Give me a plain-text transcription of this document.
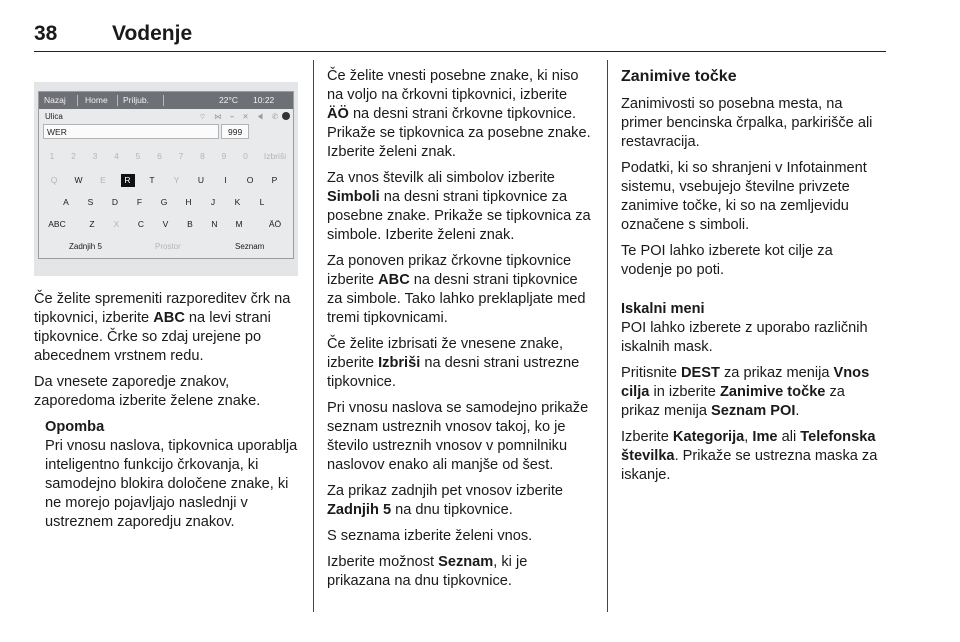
38	Vodenje
Nazaj Home Priljub.	22°C 10:22
Ulica	⌔ ⋈ ⌁ ✕ ◀ ✆
WER	999
1	2	3	4	5	6	7	8	9	0	Izbriši
Q	W	E	R	T	Y	U	I	O	P
A	S	D	F	G	H	J	K	L
ABC	Z	X	C	V	B	N	M	ÄÖ
Zadnjih 5	Prostor	Seznam

Če želite spremeniti razporeditev črk na tipkovnici, izberite ABC na levi strani tipkovnice. Črke so zdaj urejene po abecednem vrstnem redu.

Da vnesete zaporedje znakov, zaporedoma izberite želene znake.

Opomba
Pri vnosu naslova, tipkovnica uporablja inteligentno funkcijo črkovanja, ki samodejno blokira določene znake, ki ne morejo pojavljajo naslednji v ustreznem zaporedju znakov.

Če želite vnesti posebne znake, ki niso na voljo na črkovni tipkovnici, izberite ÄÖ na desni strani črkovne tipkovnice. Prikaže se tipkovnica za posebne znake. Izberite želeni znak.

Za vnos številk ali simbolov izberite Simboli na desni strani tipkovnice za posebne znake. Prikaže se tipkovnica za simbole. Izberite želeni znak.

Za ponoven prikaz črkovne tipkovnice izberite ABC na desni strani tipkovnice za simbole. Tako lahko preklapljate med tremi tipkovnicami.

Če želite izbrisati že vnesene znake, izberite Izbriši na desni strani ustrezne tipkovnice.

Pri vnosu naslova se samodejno prikaže seznam ustreznih vnosov takoj, ko je število ustreznih vnosov v pomnilniku naslovov enako ali manjše od šest.

Za prikaz zadnjih pet vnosov izberite Zadnjih 5 na dnu tipkovnice.

S seznama izberite želeni vnos.

Izberite možnost Seznam, ki je prikazana na dnu tipkovnice.

Zanimive točke

Zanimivosti so posebna mesta, na primer bencinska črpalka, parkirišče ali restavracija.

Podatki, ki so shranjeni v Infotainment sistemu, vsebujejo številne privzete zanimive točke, ki so na zemljevidu označene s simboli.

Te POI lahko izberete kot cilje za vodenje po poti.

Iskalni meni

POI lahko izberete z uporabo različnih iskalnih mask.

Pritisnite DEST za prikaz menija Vnos cilja in izberite Zanimive točke za prikaz menija Seznam POI.

Izberite Kategorija, Ime ali Telefonska številka. Prikaže se ustrezna maska za iskanje.
